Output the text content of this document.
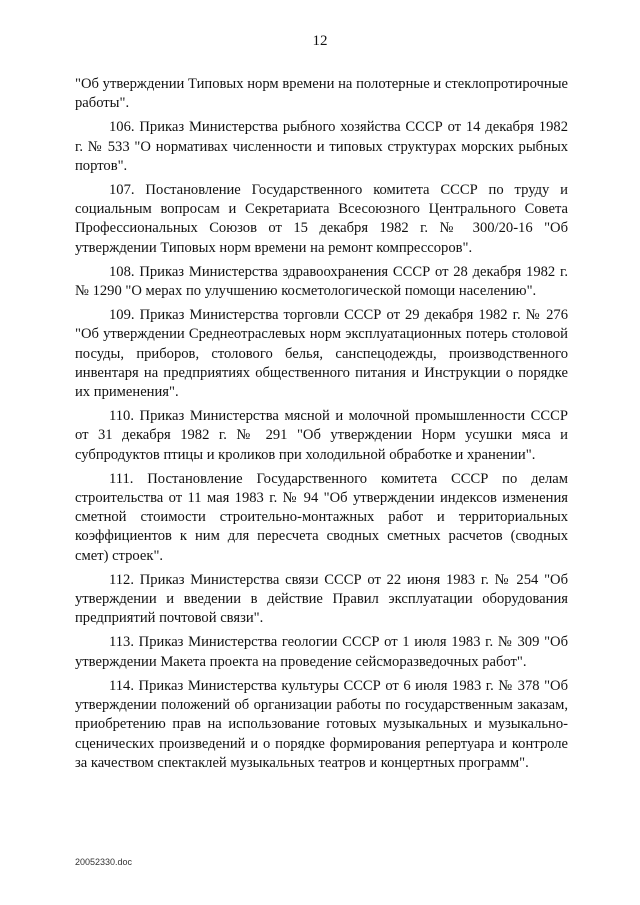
12

"Об утверждении Типовых норм времени на полотерные и стеклопротирочные работы".

106. Приказ Министерства рыбного хозяйства СССР от 14 декабря 1982 г. № 533 "О нормативах численности и типовых структурах морских рыбных портов".

107. Постановление Государственного комитета СССР по труду и социальным вопросам и Секретариата Всесоюзного Центрального Совета Профессиональных Союзов от 15 декабря 1982 г. № 300/20-16 "Об утверждении Типовых норм времени на ремонт компрессоров".

108. Приказ Министерства здравоохранения СССР от 28 декабря 1982 г. № 1290 "О мерах по улучшению косметологической помощи населению".

109. Приказ Министерства торговли СССР от 29 декабря 1982 г. № 276 "Об утверждении Среднеотраслевых норм эксплуатационных потерь столовой посуды, приборов, столового белья, санспецодежды, производственного инвентаря на предприятиях общественного питания и Инструкции о порядке их применения".

110. Приказ Министерства мясной и молочной промышленности СССР от 31 декабря 1982 г. № 291 "Об утверждении Норм усушки мяса и субпродуктов птицы и кроликов при холодильной обработке и хранении".

111. Постановление Государственного комитета СССР по делам строительства от 11 мая 1983 г. № 94 "Об утверждении индексов изменения сметной стоимости строительно-монтажных работ и территориальных коэффициентов к ним для пересчета сводных сметных расчетов (сводных смет) строек".

112. Приказ Министерства связи СССР от 22 июня 1983 г. № 254 "Об утверждении и введении в действие Правил эксплуатации оборудования предприятий почтовой связи".

113. Приказ Министерства геологии СССР от 1 июля 1983 г. № 309 "Об утверждении Макета проекта на проведение сейсморазведочных работ".

114. Приказ Министерства культуры СССР от 6 июля 1983 г. № 378 "Об утверждении положений об организации работы по государственным заказам, приобретению прав на использование готовых музыкальных и музыкально-сценических произведений и о порядке формирования репертуара и контроле за качеством спектаклей музыкальных театров и концертных программ".

20052330.doc
